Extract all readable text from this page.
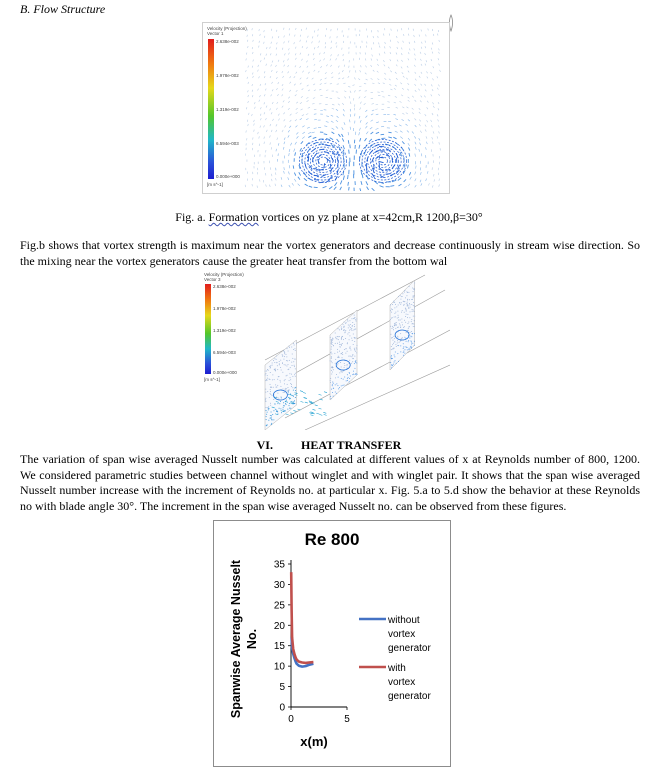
B. Flow Structure
Velocity (Projection)
Vector 1
2.638e-002
1.978e-002
1.319e-002
6.594e-003
0.000e+000
[m s^-1]
Fig. a. Formation vortices on yz plane at x=42cm,R 1200,β=30°
Fig.b shows that vortex strength is maximum near the vortex generators and decrease continuously in stream wise direction. So the mixing near the vortex generators cause the greater heat transfer from the bottom wal
Velocity (Projection)
Vector 3
2.638e-002
1.978e-002
1.319e-002
6.594e-003
0.000e+000
[m s^-1]
VI. HEAT TRANSFER
The variation of span wise averaged Nusselt number was calculated at different values of x at Reynolds number of 800, 1200. We considered parametric studies between channel without winglet and with winglet pair. It shows that the span wise averaged Nusselt number increase with the increment of Reynolds no. at particular x. Fig. 5.a to 5.d show the behavior at these Reynolds no with blade angle 30°. The increment in the span wise averaged Nusselt no. can be observed from these figures.
Re 800
35
30
25
20
15
10
5
0
0	5
x(m)
Spanwise Average Nusselt No.
without
vortex
generator
with
vortex
generator
